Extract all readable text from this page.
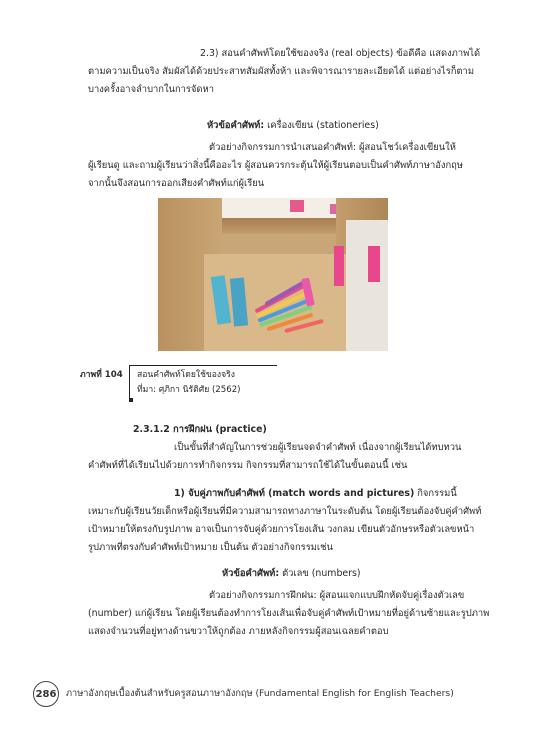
2.3) สอนคำศัพท์โดยใช้ของจริง (real objects) ข้อดีคือ แสดงภาพได้
ตามความเป็นจริง สัมผัสได้ด้วยประสาทสัมผัสทั้งห้า และพิจารณารายละเอียดได้ แต่อย่างไรก็ตาม
บางครั้งอาจลำบากในการจัดหา
หัวข้อคำศัพท์: เครื่องเขียน (stationeries)
ตัวอย่างกิจกรรมการนำเสนอคำศัพท์: ผู้สอนโชว์เครื่องเขียนให้
ผู้เรียนดู และถามผู้เรียนว่าสิ่งนี้คืออะไร ผู้สอนควรกระตุ้นให้ผู้เรียนตอบเป็นคำศัพท์ภาษาอังกฤษ
จากนั้นจึงสอนการออกเสียงคำศัพท์แก่ผู้เรียน
ภาพที่ 104 สอนคำศัพท์โดยใช้ของจริง
ที่มา: ศุภิกา นิรัติศัย (2562)
2.3.1.2 การฝึกฝน (practice)
เป็นขั้นที่สำคัญในการช่วยผู้เรียนจดจำคำศัพท์ เนื่องจากผู้เรียนได้ทบทวน
คำศัพท์ที่ได้เรียนไปด้วยการทำกิจกรรม กิจกรรมที่สามารถใช้ได้ในขั้นตอนนี้ เช่น
1) จับคู่ภาพกับคำศัพท์ (match words and pictures) กิจกรรมนี้
เหมาะกับผู้เรียนวัยเด็กหรือผู้เรียนที่มีความสามารถทางภาษาในระดับต้น โดยผู้เรียนต้องจับคู่คำศัพท์
เป้าหมายให้ตรงกับรูปภาพ อาจเป็นการจับคู่ด้วยการโยงเส้น วงกลม เขียนตัวอักษรหรือตัวเลขหน้า
รูปภาพที่ตรงกับคำศัพท์เป้าหมาย เป็นต้น ตัวอย่างกิจกรรมเช่น
หัวข้อคำศัพท์: ตัวเลข (numbers)
ตัวอย่างกิจกรรมการฝึกฝน: ผู้สอนแจกแบบฝึกหัดจับคู่เรื่องตัวเลข
(number) แก่ผู้เรียน โดยผู้เรียนต้องทำการโยงเส้นเพื่อจับคู่คำศัพท์เป้าหมายที่อยู่ด้านซ้ายและรูปภาพ
แสดงจำนวนที่อยู่ทางด้านขวาให้ถูกต้อง ภายหลังกิจกรรมผู้สอนเฉลยคำตอบ
286 ภาษาอังกฤษเบื้องต้นสำหรับครูสอนภาษาอังกฤษ (Fundamental English for English Teachers)
